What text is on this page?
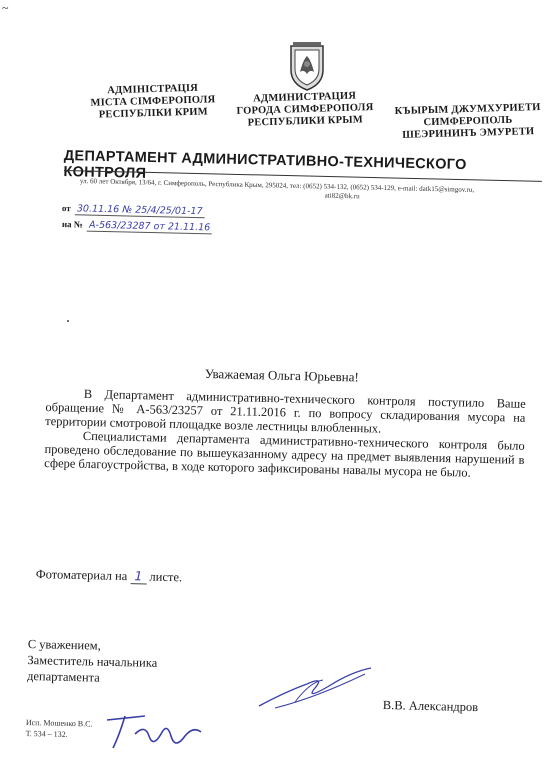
~
АДМІНІСТРАЦІЯ
МІСТА СІМФЕРОПОЛЯ
РЕСПУБЛІКИ КРИМ
АДМИНИСТРАЦИЯ
ГОРОДА СИМФЕРОПОЛЯ
РЕСПУБЛИКИ КРЫМ
КЪЫРЫМ ДЖУМХУРИЕТИ
СИМФЕРОПОЛЬ
ШЕЭРИНИНЪ ЭМУРЕТИ
ДЕПАРТАМЕНТ АДМИНИСТРАТИВНО-ТЕХНИЧЕСКОГО КОНТРОЛЯ
ул. 60 лет Октября, 13/64, г. Симферополь, Республика Крым, 295024, тел: (0652) 534-132, (0652) 534-129, e-mail: datk15@simgov.ru,
ati82@bk.ru
от 30.11.16 № 25/4/25/01-17
на № А-563/23287 от 21.11.16
Уважаемая Ольга Юрьевна!

В Департамент административно-технического контроля поступило Ваше обращение № А-563/23257 от 21.11.2016 г. по вопросу складирования мусора на территории смотровой площадке возле лестницы влюбленных.

Специалистами департамента административно-технического контроля было проведено обследование по вышеуказанному адресу на предмет выявления нарушений в сфере благоустройства, в ходе которого зафиксированы навалы мусора не было.

Фотоматериал на 1 листе.
С уважением,
Заместитель начальника
департамента
В.В. Александров
Исп. Мошенко В.С.
Т. 534 – 132.
